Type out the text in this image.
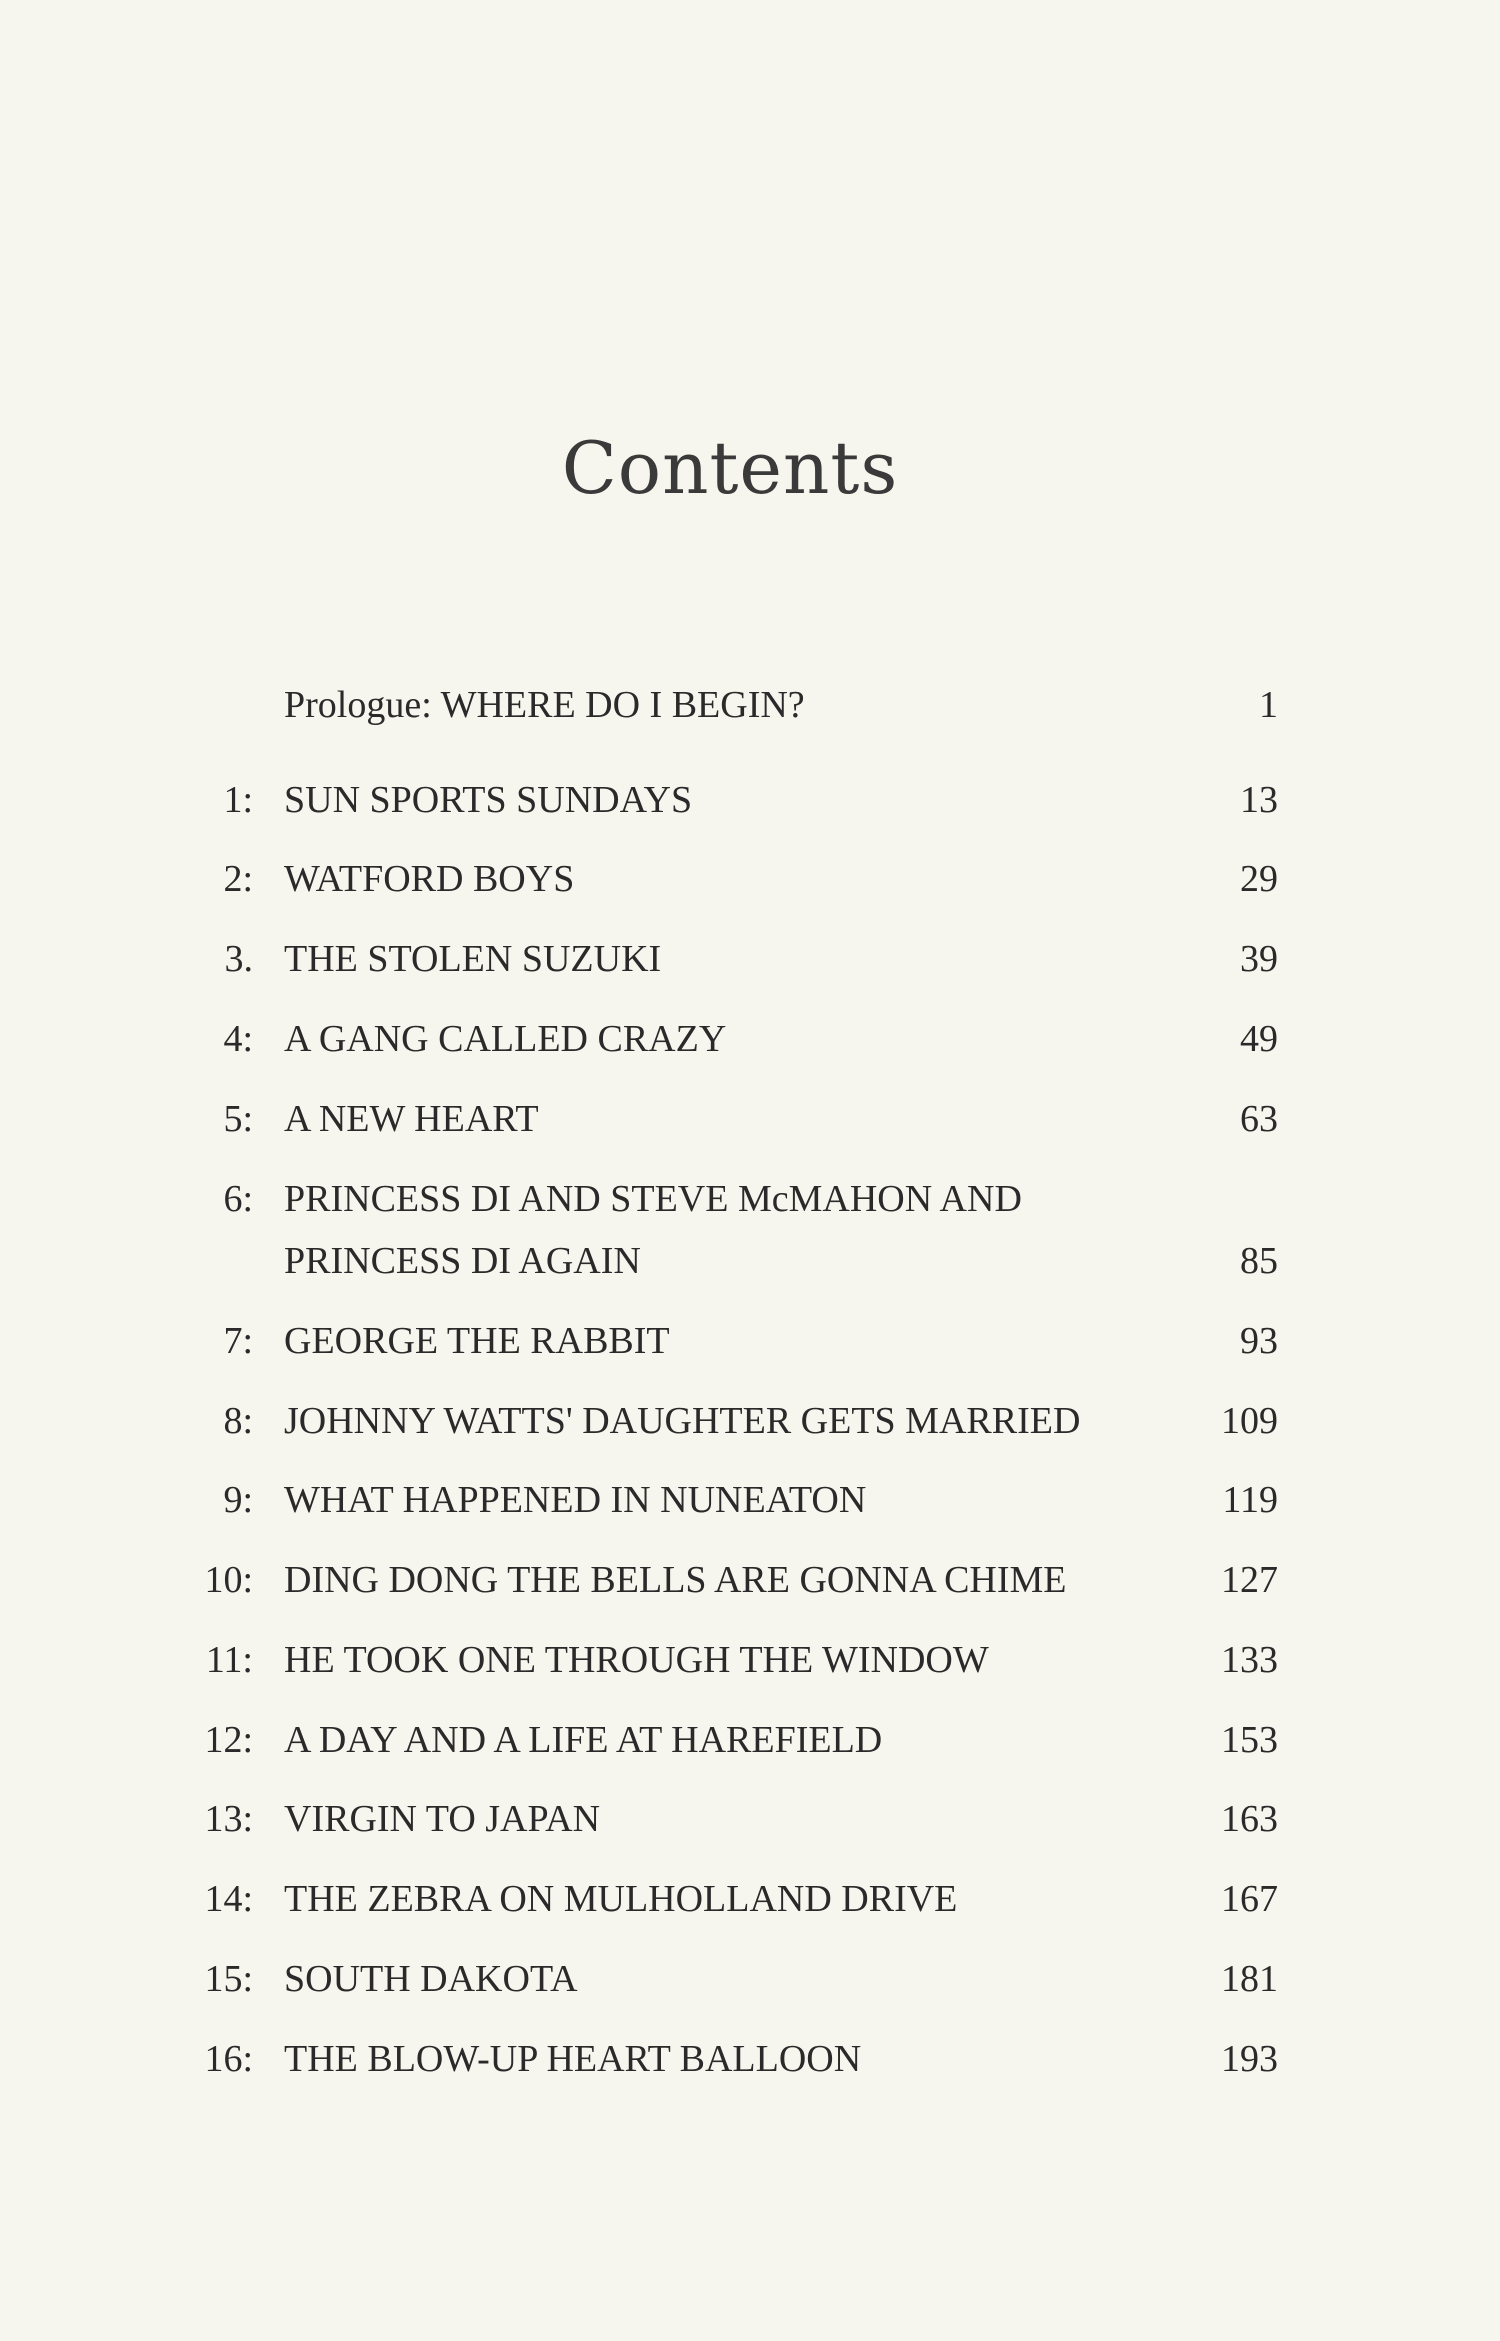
Contents
Prologue: WHERE DO I BEGIN?	1
1: SUN SPORTS SUNDAYS	13
2: WATFORD BOYS	29
3. THE STOLEN SUZUKI	39
4: A GANG CALLED CRAZY	49
5: A NEW HEART	63
6: PRINCESS DI AND STEVE McMAHON AND
PRINCESS DI AGAIN	85
7: GEORGE THE RABBIT	93
8: JOHNNY WATTS' DAUGHTER GETS MARRIED	109
9: WHAT HAPPENED IN NUNEATON	119
10: DING DONG THE BELLS ARE GONNA CHIME	127
11: HE TOOK ONE THROUGH THE WINDOW	133
12: A DAY AND A LIFE AT HAREFIELD	153
13: VIRGIN TO JAPAN	163
14: THE ZEBRA ON MULHOLLAND DRIVE	167
15: SOUTH DAKOTA	181
16: THE BLOW-UP HEART BALLOON	193
